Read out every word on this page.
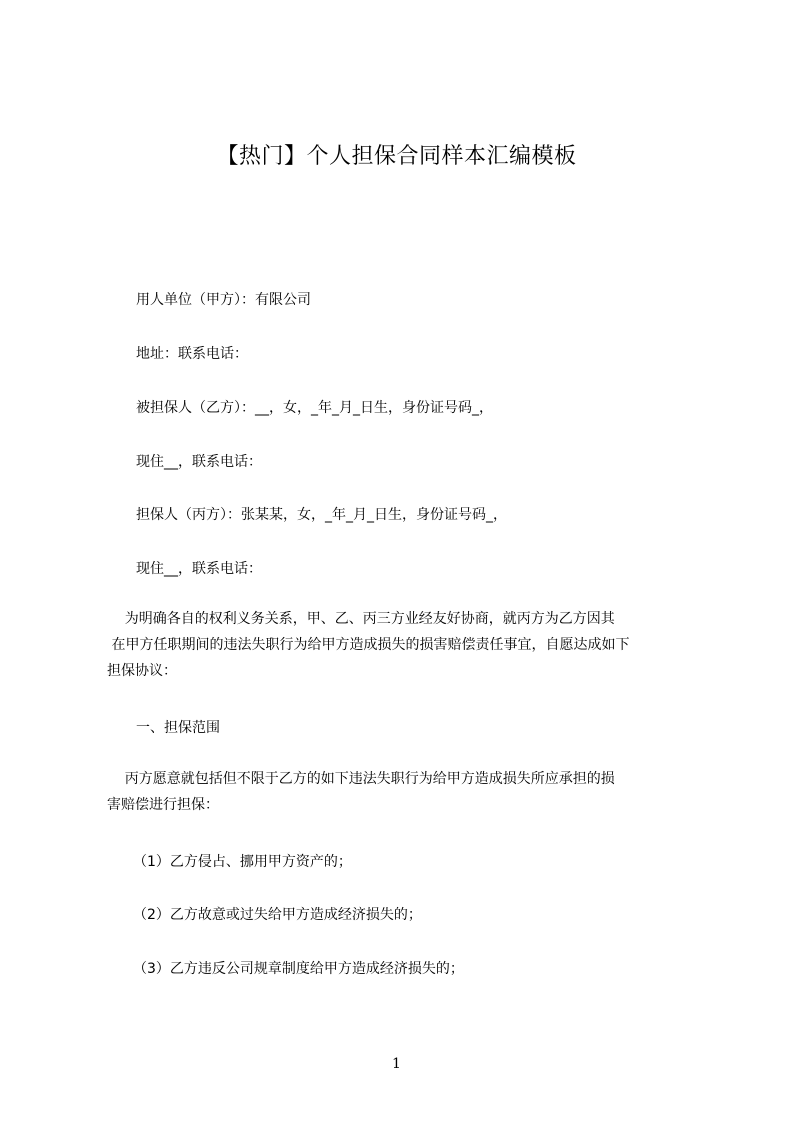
【热门】个人担保合同样本汇编模板
用人单位（甲方）：有限公司
地址：联系电话：
被担保人（乙方）：__，女，_年_月_日生，身份证号码_，
现住__，联系电话：
担保人（丙方）：张某某，女，_年_月_日生，身份证号码_，
现住__，联系电话：
为明确各自的权利义务关系，甲、乙、丙三方业经友好协商，就丙方为乙方因其
在甲方任职期间的违法失职行为给甲方造成损失的损害赔偿责任事宜，自愿达成如下
担保协议：
一、担保范围
丙方愿意就包括但不限于乙方的如下违法失职行为给甲方造成损失所应承担的损
害赔偿进行担保：
（1）乙方侵占、挪用甲方资产的；
（2）乙方故意或过失给甲方造成经济损失的；
（3）乙方违反公司规章制度给甲方造成经济损失的；
1
